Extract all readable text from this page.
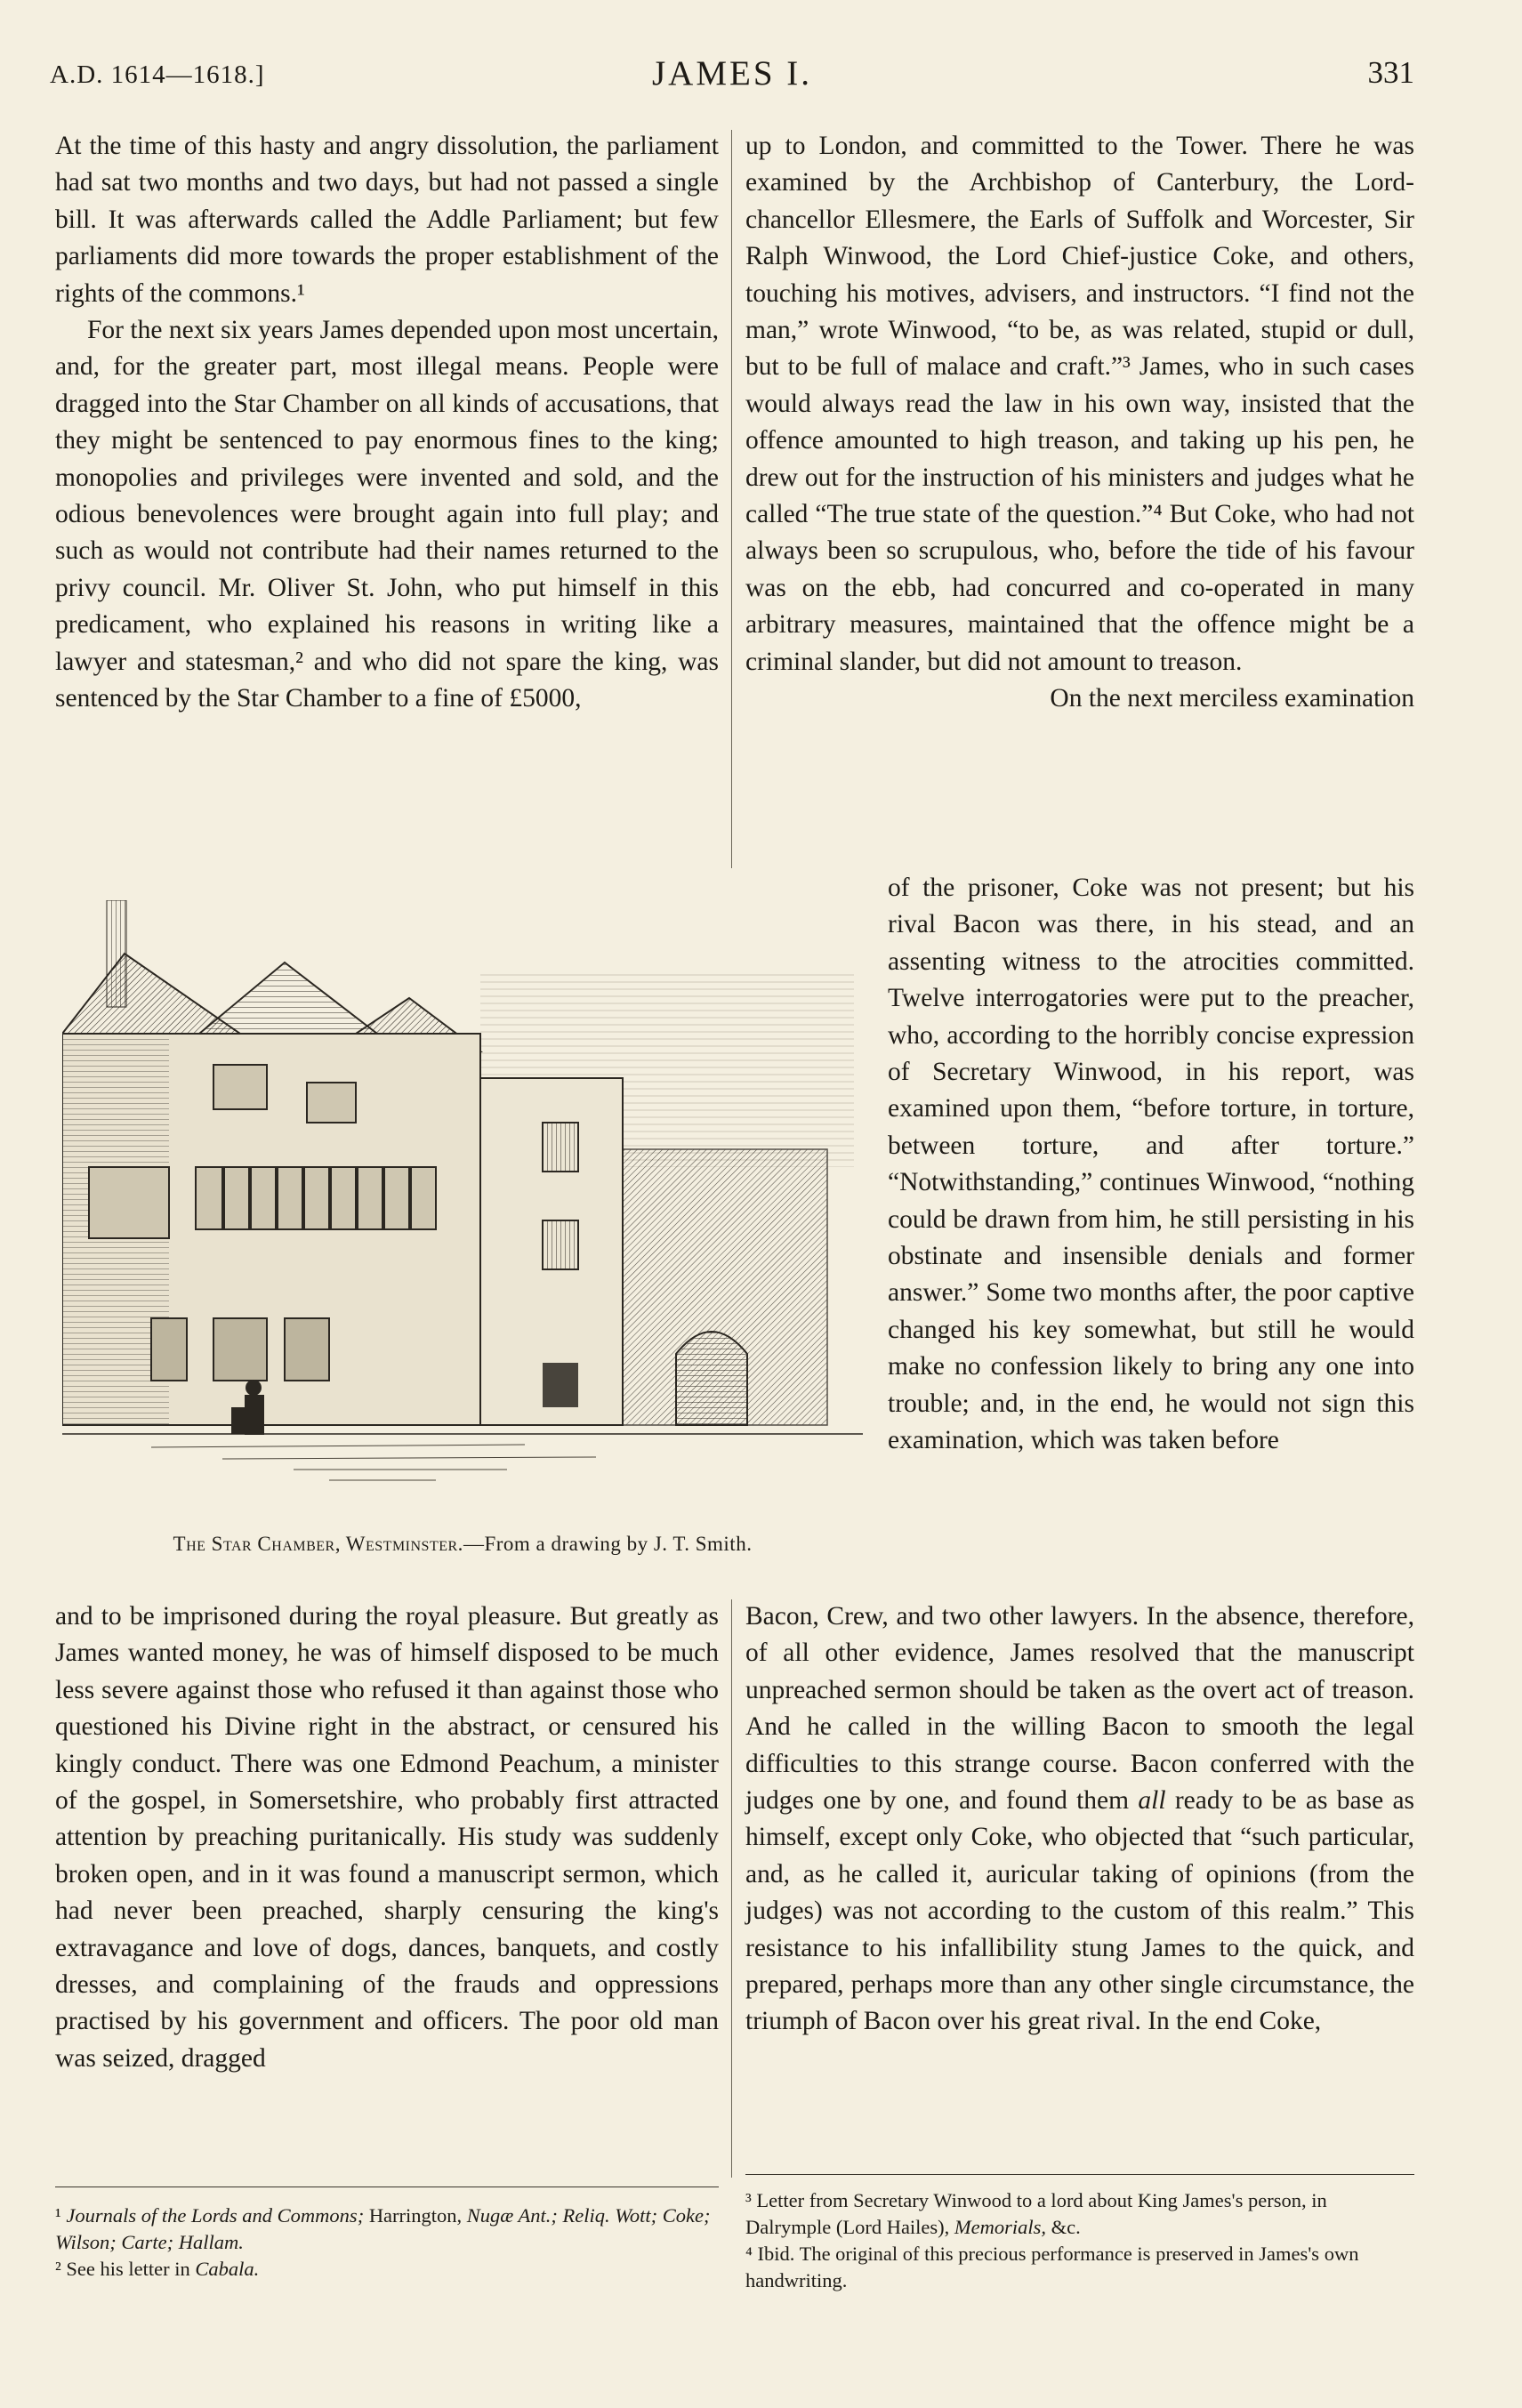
A.D. 1614—1618.]	JAMES I.	331

At the time of this hasty and angry dissolution, the parliament had sat two months and two days, but had not passed a single bill. It was afterwards called the Addle Parliament; but few parliaments did more towards the proper establishment of the rights of the commons.¹

For the next six years James depended upon most uncertain, and, for the greater part, most illegal means. People were dragged into the Star Chamber on all kinds of accusations, that they might be sentenced to pay enormous fines to the king; monopolies and privileges were invented and sold, and the odious benevolences were brought again into full play; and such as would not contribute had their names returned to the privy council. Mr. Oliver St. John, who put himself in this predicament, who explained his reasons in writing like a lawyer and statesman,² and who did not spare the king, was sentenced by the Star Chamber to a fine of £5000,

up to London, and committed to the Tower. There he was examined by the Archbishop of Canterbury, the Lord-chancellor Ellesmere, the Earls of Suffolk and Worcester, Sir Ralph Winwood, the Lord Chief-justice Coke, and others, touching his motives, advisers, and instructors. “I find not the man,” wrote Winwood, “to be, as was related, stupid or dull, but to be full of malace and craft.”³ James, who in such cases would always read the law in his own way, insisted that the offence amounted to high treason, and taking up his pen, he drew out for the instruction of his ministers and judges what he called “The true state of the question.”⁴ But Coke, who had not always been so scrupulous, who, before the tide of his favour was on the ebb, had concurred and co-operated in many arbitrary measures, maintained that the offence might be a criminal slander, but did not amount to treason.

On the next merciless examination

of the prisoner, Coke was not present; but his rival Bacon was there, in his stead, and an assenting witness to the atrocities committed. Twelve interrogatories were put to the preacher, who, according to the horribly concise expression of Secretary Winwood, in his report, was examined upon them, “before torture, in torture, between torture, and after torture.” “Notwithstanding,” continues Winwood, “nothing could be drawn from him, he still persisting in his obstinate and insensible denials and former answer.” Some two months after, the poor captive changed his key somewhat, but still he would make no confession likely to bring any one into trouble; and, in the end, he would not sign this examination, which was taken before

The Star Chamber, Westminster.—From a drawing by J. T. Smith.

and to be imprisoned during the royal pleasure. But greatly as James wanted money, he was of himself disposed to be much less severe against those who refused it than against those who questioned his Divine right in the abstract, or censured his kingly conduct. There was one Edmond Peachum, a minister of the gospel, in Somersetshire, who probably first attracted attention by preaching puritanically. His study was suddenly broken open, and in it was found a manuscript sermon, which had never been preached, sharply censuring the king's extravagance and love of dogs, dances, banquets, and costly dresses, and complaining of the frauds and oppressions practised by his government and officers. The poor old man was seized, dragged

Bacon, Crew, and two other lawyers. In the absence, therefore, of all other evidence, James resolved that the manuscript unpreached sermon should be taken as the overt act of treason. And he called in the willing Bacon to smooth the legal difficulties to this strange course. Bacon conferred with the judges one by one, and found them all ready to be as base as himself, except only Coke, who objected that “such particular, and, as he called it, auricular taking of opinions (from the judges) was not according to the custom of this realm.” This resistance to his infallibility stung James to the quick, and prepared, perhaps more than any other single circumstance, the triumph of Bacon over his great rival. In the end Coke,

¹ Journals of the Lords and Commons; Harrington, Nugæ Ant.; Reliq. Wott; Coke; Wilson; Carte; Hallam.

² See his letter in Cabala.

³ Letter from Secretary Winwood to a lord about King James's person, in Dalrymple (Lord Hailes), Memorials, &c.

⁴ Ibid. The original of this precious performance is preserved in James's own handwriting.
